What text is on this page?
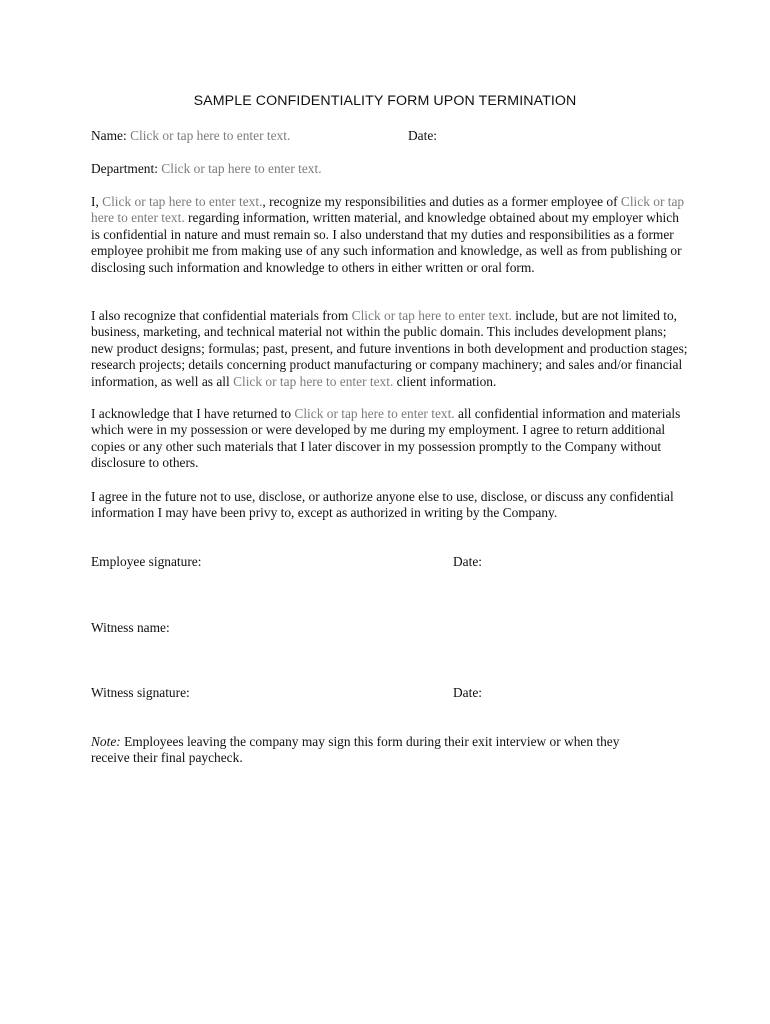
SAMPLE CONFIDENTIALITY FORM UPON TERMINATION
Name: Click or tap here to enter text.	Date:
Department: Click or tap here to enter text.
I, Click or tap here to enter text., recognize my responsibilities and duties as a former employee of Click or tap here to enter text. regarding information, written material, and knowledge obtained about my employer which is confidential in nature and must remain so. I also understand that my duties and responsibilities as a former employee prohibit me from making use of any such information and knowledge, as well as from publishing or disclosing such information and knowledge to others in either written or oral form.
I also recognize that confidential materials from Click or tap here to enter text. include, but are not limited to, business, marketing, and technical material not within the public domain. This includes development plans; new product designs; formulas; past, present, and future inventions in both development and production stages; research projects; details concerning product manufacturing or company machinery; and sales and/or financial information, as well as all Click or tap here to enter text. client information.
I acknowledge that I have returned to Click or tap here to enter text. all confidential information and materials which were in my possession or were developed by me during my employment. I agree to return additional copies or any other such materials that I later discover in my possession promptly to the Company without disclosure to others.
I agree in the future not to use, disclose, or authorize anyone else to use, disclose, or discuss any confidential information I may have been privy to, except as authorized in writing by the Company.
Employee signature:	Date:
Witness name:
Witness signature:	Date:
Note: Employees leaving the company may sign this form during their exit interview or when they receive their final paycheck.
